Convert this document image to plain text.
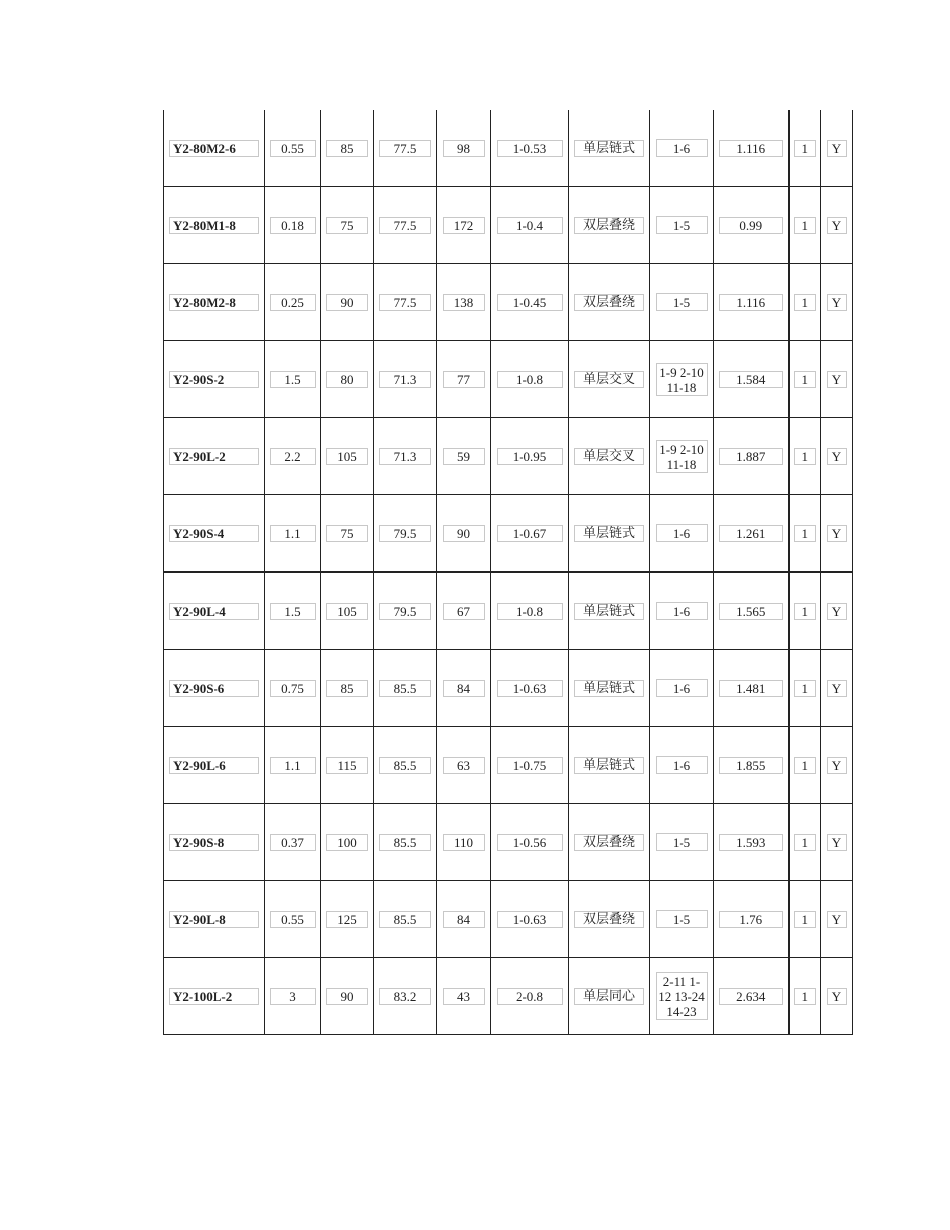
Y2-80M2-6	0.55	85	77.5	98	1-0.53	单层链式	1-6	1.116	1	Y

Y2-80M1-8	0.18	75	77.5	172	1-0.4	双层叠绕	1-5	0.99	1	Y

Y2-80M2-8	0.25	90	77.5	138	1-0.45	双层叠绕	1-5	1.116	1	Y

Y2-90S-2	1.5	80	71.3	77	1-0.8	单层交叉	1-9 2-10 11-18	1.584	1	Y

Y2-90L-2	2.2	105	71.3	59	1-0.95	单层交叉	1-9 2-10 11-18	1.887	1	Y

Y2-90S-4	1.1	75	79.5	90	1-0.67	单层链式	1-6	1.261	1	Y

Y2-90L-4	1.5	105	79.5	67	1-0.8	单层链式	1-6	1.565	1	Y

Y2-90S-6	0.75	85	85.5	84	1-0.63	单层链式	1-6	1.481	1	Y

Y2-90L-6	1.1	115	85.5	63	1-0.75	单层链式	1-6	1.855	1	Y

Y2-90S-8	0.37	100	85.5	110	1-0.56	双层叠绕	1-5	1.593	1	Y

Y2-90L-8	0.55	125	85.5	84	1-0.63	双层叠绕	1-5	1.76	1	Y

Y2-100L-2	3	90	83.2	43	2-0.8	单层同心	2-11 1-12 13-24 14-23	2.634	1	Y
